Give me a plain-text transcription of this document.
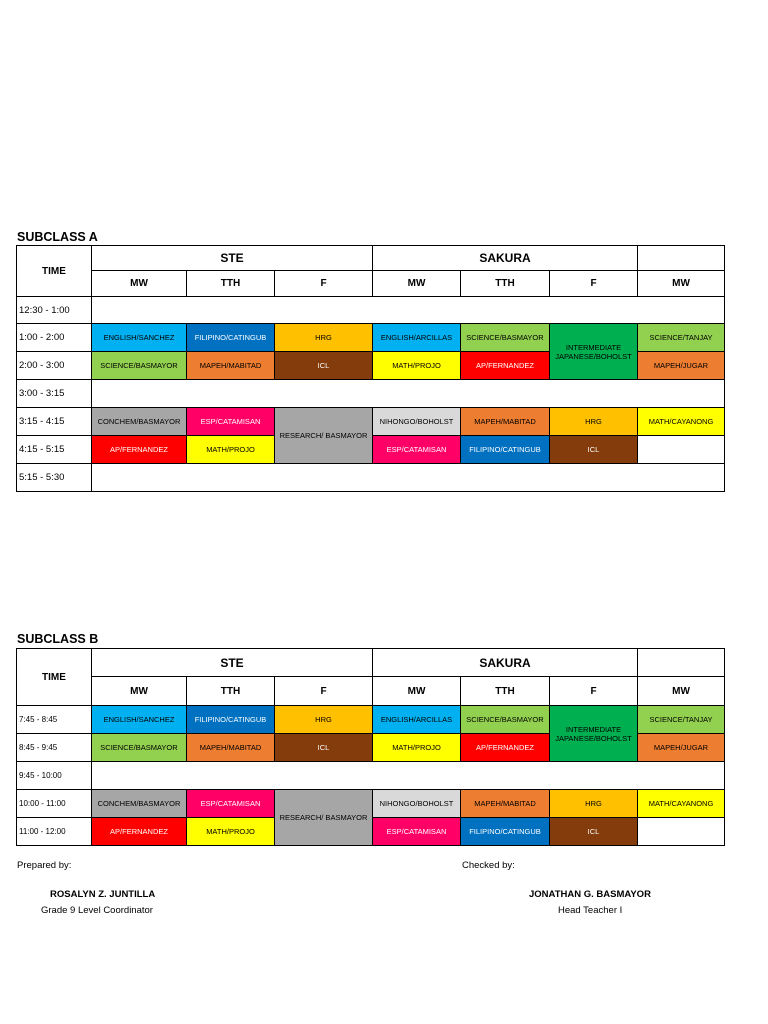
SUBCLASS A
TIME	STE			SAKURA			
	MW	TTH	F	MW	TTH	F	MW
12:30 - 1:00							
1:00 - 2:00	ENGLISH/SANCHEZ	FILIPINO/CATINGUB	HRG	ENGLISH/ARCILLAS	SCIENCE/BASMAYOR	INTERMEDIATE JAPANESE/BOHOLST	SCIENCE/TANJAY
2:00 - 3:00	SCIENCE/BASMAYOR	MAPEH/MABITAD	ICL	MATH/PROJO	AP/FERNANDEZ		MAPEH/JUGAR
3:00 - 3:15							
3:15 - 4:15	CONCHEM/BASMAYOR	ESP/CATAMISAN	RESEARCH/ BASMAYOR	NIHONGO/BOHOLST	MAPEH/MABITAD	HRG	MATH/CAYANONG
4:15 - 5:15	AP/FERNANDEZ	MATH/PROJO		ESP/CATAMISAN	FILIPINO/CATINGUB	ICL	
5:15 - 5:30							
SUBCLASS B
TIME	STE			SAKURA			
	MW	TTH	F	MW	TTH	F	MW
7:45 - 8:45	ENGLISH/SANCHEZ	FILIPINO/CATINGUB	HRG	ENGLISH/ARCILLAS	SCIENCE/BASMAYOR	INTERMEDIATE JAPANESE/BOHOLST	SCIENCE/TANJAY
8:45 - 9:45	SCIENCE/BASMAYOR	MAPEH/MABITAD	ICL	MATH/PROJO	AP/FERNANDEZ		MAPEH/JUGAR
9:45 - 10:00							
10:00 - 11:00	CONCHEM/BASMAYOR	ESP/CATAMISAN	RESEARCH/ BASMAYOR	NIHONGO/BOHOLST	MAPEH/MABITAD	HRG	MATH/CAYANONG
11:00 - 12:00	AP/FERNANDEZ	MATH/PROJO		ESP/CATAMISAN	FILIPINO/CATINGUB	ICL	
Prepared by:	Checked by:
ROSALYN Z. JUNTILLA
Grade 9 Level Coordinator
JONATHAN G. BASMAYOR
Head Teacher I
